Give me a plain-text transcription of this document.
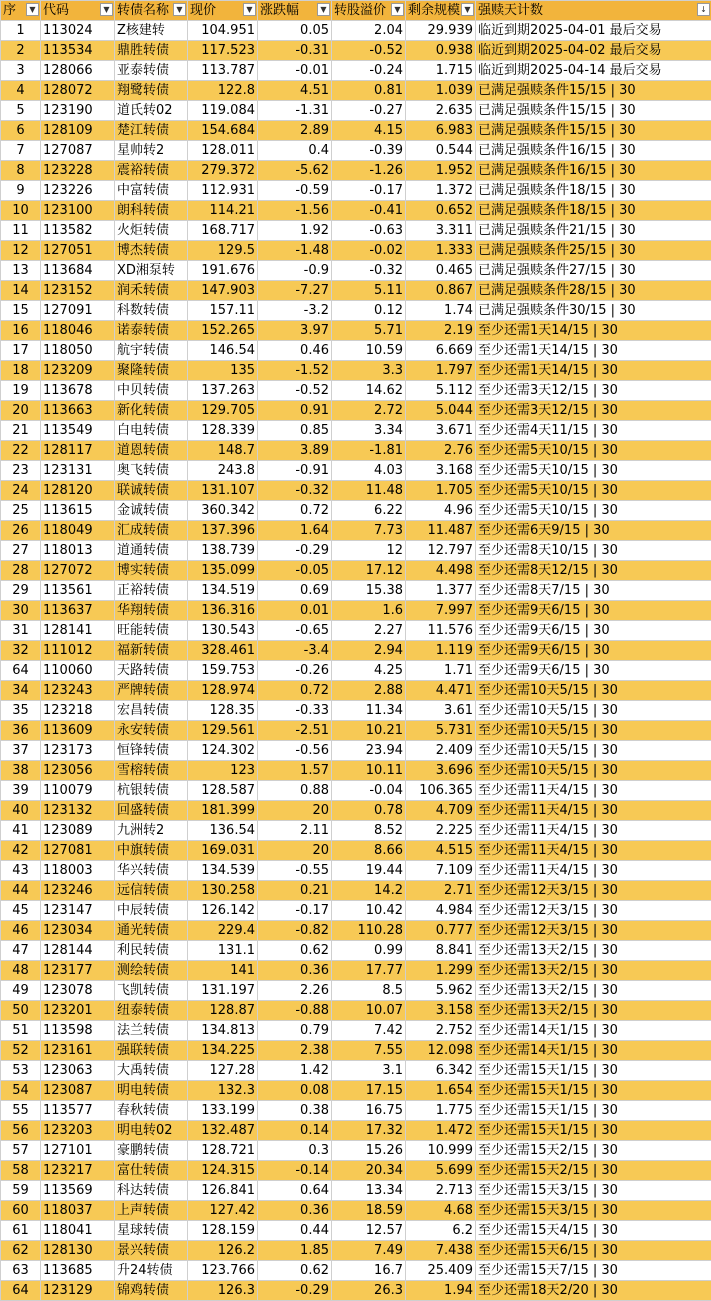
序 ▼	代码 ▼	转债名称 ▼	现价 ▼	涨跌幅 ▼	转股溢价 ▼	剩余规模 ▼	强赎天计数 ↓

1	113024	Z核建转	104.951	0.05	2.04	29.939	临近到期2025-04-01 最后交易
2	113534	鼎胜转债	117.523	-0.31	-0.52	0.938	临近到期2025-04-02 最后交易
3	128066	亚泰转债	113.787	-0.01	-0.24	1.715	临近到期2025-04-14 最后交易
4	128072	翔鹭转债	122.8	4.51	0.81	1.039	已满足强赎条件15/15 | 30
5	123190	道氏转02	119.084	-1.31	-0.27	2.635	已满足强赎条件15/15 | 30
6	128109	楚江转债	154.684	2.89	4.15	6.983	已满足强赎条件15/15 | 30
7	127087	星帅转2	128.011	0.4	-0.39	0.544	已满足强赎条件16/15 | 30
8	123228	震裕转债	279.372	-5.62	-1.26	1.952	已满足强赎条件16/15 | 30
9	123226	中富转债	112.931	-0.59	-0.17	1.372	已满足强赎条件18/15 | 30
10	123100	朗科转债	114.21	-1.56	-0.41	0.652	已满足强赎条件18/15 | 30
11	113582	火炬转债	168.717	1.92	-0.63	3.311	已满足强赎条件21/15 | 30
12	127051	博杰转债	129.5	-1.48	-0.02	1.333	已满足强赎条件25/15 | 30
13	113684	XD湘泵转	191.676	-0.9	-0.32	0.465	已满足强赎条件27/15 | 30
14	123152	润禾转债	147.903	-7.27	5.11	0.867	已满足强赎条件28/15 | 30
15	127091	科数转债	157.11	-3.2	0.12	1.74	已满足强赎条件30/15 | 30
16	118046	诺泰转债	152.265	3.97	5.71	2.19	至少还需1天14/15 | 30
17	118050	航宇转债	146.54	0.46	10.59	6.669	至少还需1天14/15 | 30
18	123209	聚隆转债	135	-1.52	3.3	1.797	至少还需1天14/15 | 30
19	113678	中贝转债	137.263	-0.52	14.62	5.112	至少还需3天12/15 | 30
20	113663	新化转债	129.705	0.91	2.72	5.044	至少还需3天12/15 | 30
21	113549	白电转债	128.339	0.85	3.34	3.671	至少还需4天11/15 | 30
22	128117	道恩转债	148.7	3.89	-1.81	2.76	至少还需5天10/15 | 30
23	123131	奥飞转债	243.8	-0.91	4.03	3.168	至少还需5天10/15 | 30
24	128120	联诚转债	131.107	-0.32	11.48	1.705	至少还需5天10/15 | 30
25	113615	金诚转债	360.342	0.72	6.22	4.96	至少还需5天10/15 | 30
26	118049	汇成转债	137.396	1.64	7.73	11.487	至少还需6天9/15 | 30
27	118013	道通转债	138.739	-0.29	12	12.797	至少还需8天10/15 | 30
28	127072	博实转债	135.099	-0.05	17.12	4.498	至少还需8天12/15 | 30
29	113561	正裕转债	134.519	0.69	15.38	1.377	至少还需8天7/15 | 30
30	113637	华翔转债	136.316	0.01	1.6	7.997	至少还需9天6/15 | 30
31	128141	旺能转债	130.543	-0.65	2.27	11.576	至少还需9天6/15 | 30
32	111012	福新转债	328.461	-3.4	2.94	1.119	至少还需9天6/15 | 30
64	110060	天路转债	159.753	-0.26	4.25	1.71	至少还需9天6/15 | 30
34	123243	严牌转债	128.974	0.72	2.88	4.471	至少还需10天5/15 | 30
35	123218	宏昌转债	128.35	-0.33	11.34	3.61	至少还需10天5/15 | 30
36	113609	永安转债	129.561	-2.51	10.21	5.731	至少还需10天5/15 | 30
37	123173	恒锋转债	124.302	-0.56	23.94	2.409	至少还需10天5/15 | 30
38	123056	雪榕转债	123	1.57	10.11	3.696	至少还需10天5/15 | 30
39	110079	杭银转债	128.587	0.88	-0.04	106.365	至少还需11天4/15 | 30
40	123132	回盛转债	181.399	20	0.78	4.709	至少还需11天4/15 | 30
41	123089	九洲转2	136.54	2.11	8.52	2.225	至少还需11天4/15 | 30
42	127081	中旗转债	169.031	20	8.66	4.515	至少还需11天4/15 | 30
43	118003	华兴转债	134.539	-0.55	19.44	7.109	至少还需11天4/15 | 30
44	123246	远信转债	130.258	0.21	14.2	2.71	至少还需12天3/15 | 30
45	123147	中辰转债	126.142	-0.17	10.42	4.984	至少还需12天3/15 | 30
46	123034	通光转债	229.4	-0.82	110.28	0.777	至少还需12天3/15 | 30
47	128144	利民转债	131.1	0.62	0.99	8.841	至少还需13天2/15 | 30
48	123177	测绘转债	141	0.36	17.77	1.299	至少还需13天2/15 | 30
49	123078	飞凯转债	131.197	2.26	8.5	5.962	至少还需13天2/15 | 30
50	123201	纽泰转债	128.87	-0.88	10.07	3.158	至少还需13天2/15 | 30
51	113598	法兰转债	134.813	0.79	7.42	2.752	至少还需14天1/15 | 30
52	123161	强联转债	134.225	2.38	7.55	12.098	至少还需14天1/15 | 30
53	123063	大禹转债	127.28	1.42	3.1	6.342	至少还需15天1/15 | 30
54	123087	明电转债	132.3	0.08	17.15	1.654	至少还需15天1/15 | 30
55	113577	春秋转债	133.199	0.38	16.75	1.775	至少还需15天1/15 | 30
56	123203	明电转02	132.487	0.14	17.32	1.472	至少还需15天1/15 | 30
57	127101	豪鹏转债	128.721	0.3	15.26	10.999	至少还需15天2/15 | 30
58	123217	富仕转债	124.315	-0.14	20.34	5.699	至少还需15天2/15 | 30
59	113569	科达转债	126.841	0.64	13.34	2.713	至少还需15天3/15 | 30
60	118037	上声转债	127.42	0.36	18.59	4.68	至少还需15天3/15 | 30
61	118041	星球转债	128.159	0.44	12.57	6.2	至少还需15天4/15 | 30
62	128130	景兴转债	126.2	1.85	7.49	7.438	至少还需15天6/15 | 30
63	113685	升24转债	123.766	0.62	16.7	25.409	至少还需15天7/15 | 30
64	123129	锦鸡转债	126.3	-0.29	26.3	1.94	至少还需18天2/20 | 30
